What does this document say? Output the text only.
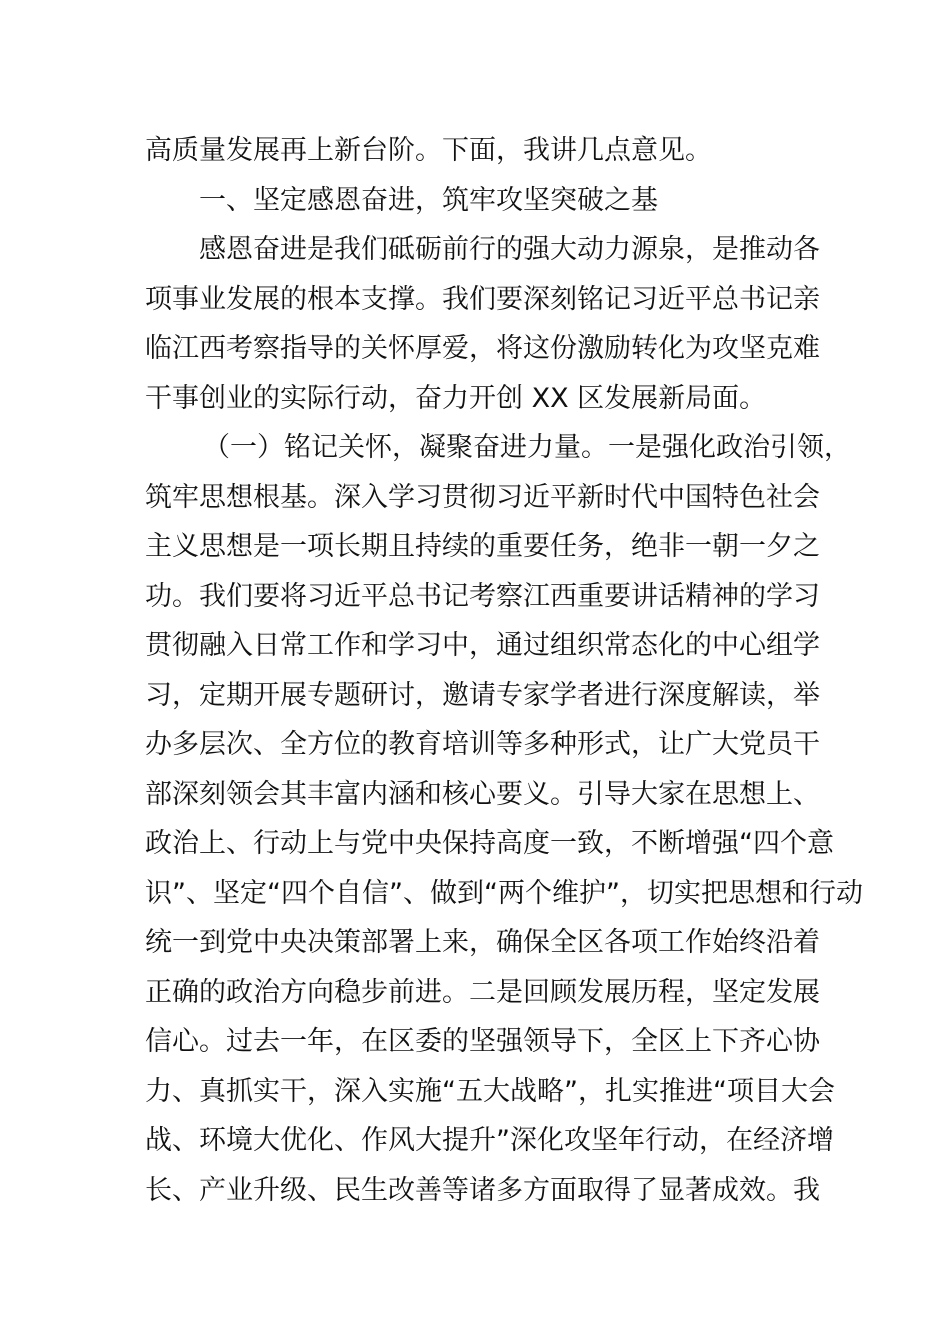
高质量发展再上新台阶。下面，我讲几点意见。
一、坚定感恩奋进，筑牢攻坚突破之基
感恩奋进是我们砥砺前行的强大动力源泉，是推动各
项事业发展的根本支撑。我们要深刻铭记习近平总书记亲
临江西考察指导的关怀厚爱，将这份激励转化为攻坚克难
干事创业的实际行动，奋力开创 XX 区发展新局面。
（一）铭记关怀，凝聚奋进力量。一是强化政治引领，
筑牢思想根基。深入学习贯彻习近平新时代中国特色社会
主义思想是一项长期且持续的重要任务，绝非一朝一夕之
功。我们要将习近平总书记考察江西重要讲话精神的学习
贯彻融入日常工作和学习中，通过组织常态化的中心组学
习，定期开展专题研讨，邀请专家学者进行深度解读，举
办多层次、全方位的教育培训等多种形式，让广大党员干
部深刻领会其丰富内涵和核心要义。引导大家在思想上、
政治上、行动上与党中央保持高度一致，不断增强“四个意
识”、坚定“四个自信”、做到“两个维护”，切实把思想和行动
统一到党中央决策部署上来，确保全区各项工作始终沿着
正确的政治方向稳步前进。二是回顾发展历程，坚定发展
信心。过去一年，在区委的坚强领导下，全区上下齐心协
力、真抓实干，深入实施“五大战略”，扎实推进“项目大会
战、环境大优化、作风大提升”深化攻坚年行动，在经济增
长、产业升级、民生改善等诸多方面取得了显著成效。我
